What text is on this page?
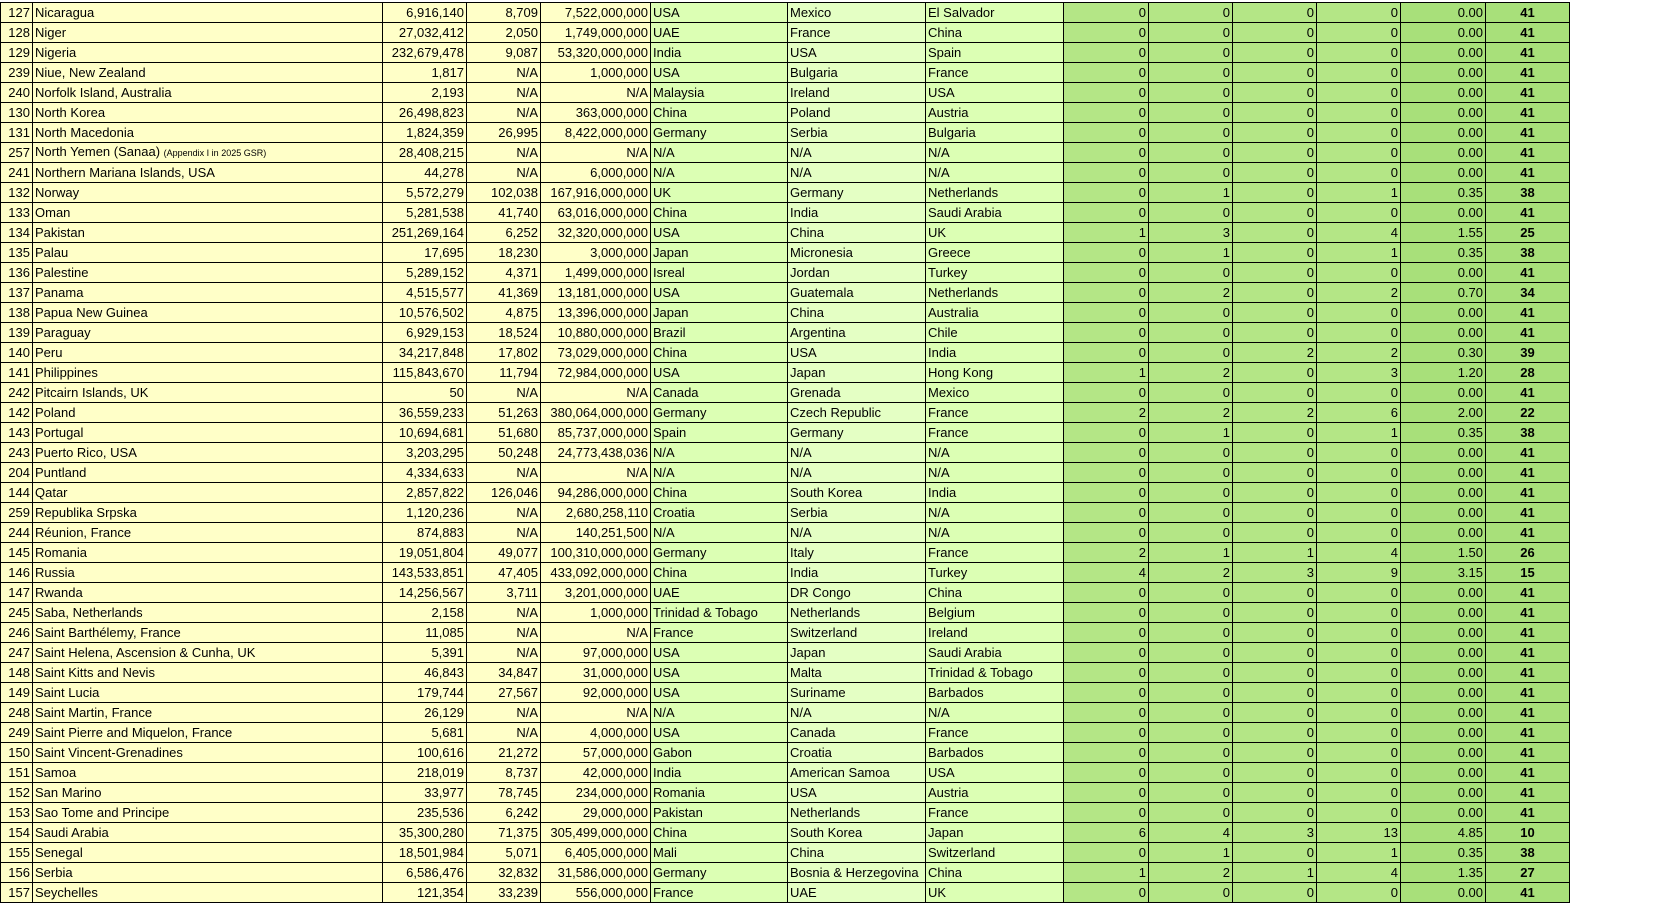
127	Nicaragua	6,916,140	8,709	7,522,000,000	USA	Mexico	El Salvador	0	0	0	0	0.00	41
128	Niger	27,032,412	2,050	1,749,000,000	UAE	France	China	0	0	0	0	0.00	41
129	Nigeria	232,679,478	9,087	53,320,000,000	India	USA	Spain	0	0	0	0	0.00	41
239	Niue, New Zealand	1,817	N/A	1,000,000	USA	Bulgaria	France	0	0	0	0	0.00	41
240	Norfolk Island, Australia	2,193	N/A	N/A	Malaysia	Ireland	USA	0	0	0	0	0.00	41
130	North Korea	26,498,823	N/A	363,000,000	China	Poland	Austria	0	0	0	0	0.00	41
131	North Macedonia	1,824,359	26,995	8,422,000,000	Germany	Serbia	Bulgaria	0	0	0	0	0.00	41
257	North Yemen (Sanaa) (Appendix I in 2025 GSR)	28,408,215	N/A	N/A	N/A	N/A	N/A	0	0	0	0	0.00	41
241	Northern Mariana Islands, USA	44,278	N/A	6,000,000	N/A	N/A	N/A	0	0	0	0	0.00	41
132	Norway	5,572,279	102,038	167,916,000,000	UK	Germany	Netherlands	0	1	0	1	0.35	38
133	Oman	5,281,538	41,740	63,016,000,000	China	India	Saudi Arabia	0	0	0	0	0.00	41
134	Pakistan	251,269,164	6,252	32,320,000,000	USA	China	UK	1	3	0	4	1.55	25
135	Palau	17,695	18,230	3,000,000	Japan	Micronesia	Greece	0	1	0	1	0.35	38
136	Palestine	5,289,152	4,371	1,499,000,000	Isreal	Jordan	Turkey	0	0	0	0	0.00	41
137	Panama	4,515,577	41,369	13,181,000,000	USA	Guatemala	Netherlands	0	2	0	2	0.70	34
138	Papua New Guinea	10,576,502	4,875	13,396,000,000	Japan	China	Australia	0	0	0	0	0.00	41
139	Paraguay	6,929,153	18,524	10,880,000,000	Brazil	Argentina	Chile	0	0	0	0	0.00	41
140	Peru	34,217,848	17,802	73,029,000,000	China	USA	India	0	0	2	2	0.30	39
141	Philippines	115,843,670	11,794	72,984,000,000	USA	Japan	Hong Kong	1	2	0	3	1.20	28
242	Pitcairn Islands, UK	50	N/A	N/A	Canada	Grenada	Mexico	0	0	0	0	0.00	41
142	Poland	36,559,233	51,263	380,064,000,000	Germany	Czech Republic	France	2	2	2	6	2.00	22
143	Portugal	10,694,681	51,680	85,737,000,000	Spain	Germany	France	0	1	0	1	0.35	38
243	Puerto Rico, USA	3,203,295	50,248	24,773,438,036	N/A	N/A	N/A	0	0	0	0	0.00	41
204	Puntland	4,334,633	N/A	N/A	N/A	N/A	N/A	0	0	0	0	0.00	41
144	Qatar	2,857,822	126,046	94,286,000,000	China	South Korea	India	0	0	0	0	0.00	41
259	Republika Srpska	1,120,236	N/A	2,680,258,110	Croatia	Serbia	N/A	0	0	0	0	0.00	41
244	Réunion, France	874,883	N/A	140,251,500	N/A	N/A	N/A	0	0	0	0	0.00	41
145	Romania	19,051,804	49,077	100,310,000,000	Germany	Italy	France	2	1	1	4	1.50	26
146	Russia	143,533,851	47,405	433,092,000,000	China	India	Turkey	4	2	3	9	3.15	15
147	Rwanda	14,256,567	3,711	3,201,000,000	UAE	DR Congo	China	0	0	0	0	0.00	41
245	Saba, Netherlands	2,158	N/A	1,000,000	Trinidad & Tobago	Netherlands	Belgium	0	0	0	0	0.00	41
246	Saint Barthélemy, France	11,085	N/A	N/A	France	Switzerland	Ireland	0	0	0	0	0.00	41
247	Saint Helena, Ascension & Cunha, UK	5,391	N/A	97,000,000	USA	Japan	Saudi Arabia	0	0	0	0	0.00	41
148	Saint Kitts and Nevis	46,843	34,847	31,000,000	USA	Malta	Trinidad & Tobago	0	0	0	0	0.00	41
149	Saint Lucia	179,744	27,567	92,000,000	USA	Suriname	Barbados	0	0	0	0	0.00	41
248	Saint Martin, France	26,129	N/A	N/A	N/A	N/A	N/A	0	0	0	0	0.00	41
249	Saint Pierre and Miquelon, France	5,681	N/A	4,000,000	USA	Canada	France	0	0	0	0	0.00	41
150	Saint Vincent-Grenadines	100,616	21,272	57,000,000	Gabon	Croatia	Barbados	0	0	0	0	0.00	41
151	Samoa	218,019	8,737	42,000,000	India	American Samoa	USA	0	0	0	0	0.00	41
152	San Marino	33,977	78,745	234,000,000	Romania	USA	Austria	0	0	0	0	0.00	41
153	Sao Tome and Principe	235,536	6,242	29,000,000	Pakistan	Netherlands	France	0	0	0	0	0.00	41
154	Saudi Arabia	35,300,280	71,375	305,499,000,000	China	South Korea	Japan	6	4	3	13	4.85	10
155	Senegal	18,501,984	5,071	6,405,000,000	Mali	China	Switzerland	0	1	0	1	0.35	38
156	Serbia	6,586,476	32,832	31,586,000,000	Germany	Bosnia & Herzegovina	China	1	2	1	4	1.35	27
157	Seychelles	121,354	33,239	556,000,000	France	UAE	UK	0	0	0	0	0.00	41
